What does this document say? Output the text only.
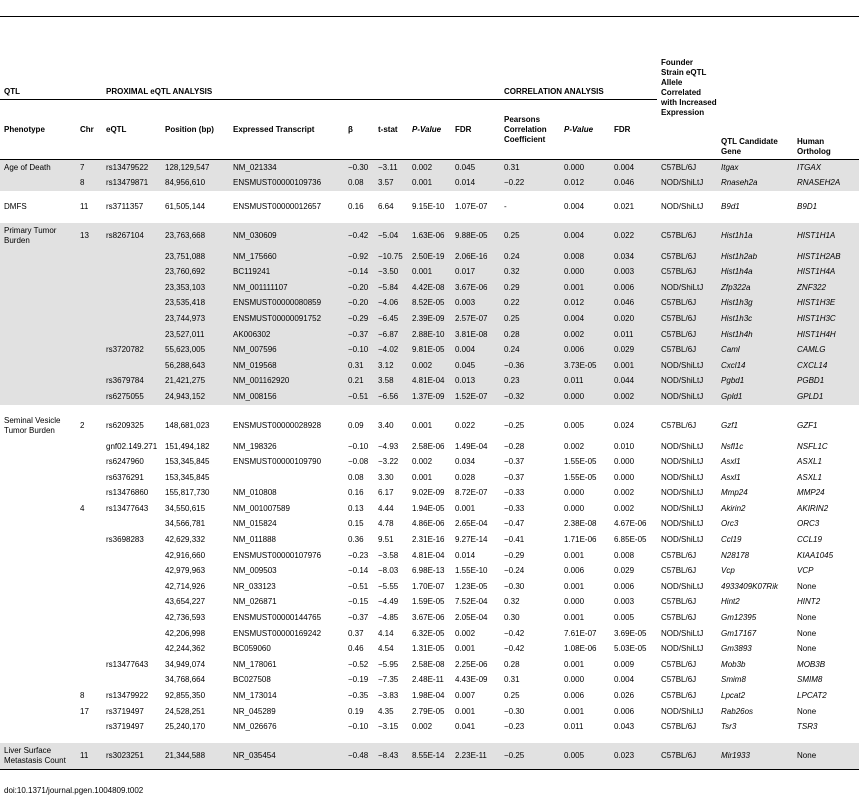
QTL		PROXIMAL eQTL ANALYSIS							CORRELATION ANALYSIS			Founder Strain eQTL Allele Correlated with Increased Expression	QTL Candidate Gene	Human Ortholog
Phenotype	Chr	eQTL	Position (bp)	Expressed Transcript	β	t-stat	P-Value	FDR	Pearsons Correlation Coefficient	P-Value	FDR			
Age of Death	7	rs13479522	128,129,547	NM_021334	−0.30	−3.11	0.002	0.045	0.31	0.000	0.004	C57BL/6J	Itgax	ITGAX
	8	rs13479871	84,956,610	ENSMUST00000109736	0.08	3.57	0.001	0.014	−0.22	0.012	0.046	NOD/ShiLtJ	Rnaseh2a	RNASEH2A
DMFS	11	rs3711357	61,505,144	ENSMUST00000012657	0.16	6.64	9.15E-10	1.07E-07	-	0.004	0.021	NOD/ShiLtJ	B9d1	B9D1
Primary Tumor Burden	13	rs8267104	23,763,668	NM_030609	−0.42	−5.04	1.63E-06	9.88E-05	0.25	0.004	0.022	C57BL/6J	Hist1h1a	HIST1H1A
			23,751,088	NM_175660	−0.92	−10.75	2.50E-19	2.06E-16	0.24	0.008	0.034	C57BL/6J	Hist1h2ab	HIST1H2AB
			23,760,692	BC119241	−0.14	−3.50	0.001	0.017	0.32	0.000	0.003	C57BL/6J	Hist1h4a	HIST1H4A
			23,353,103	NM_001111107	−0.20	−5.84	4.42E-08	3.67E-06	0.29	0.001	0.006	NOD/ShiLtJ	Zfp322a	ZNF322
			23,535,418	ENSMUST00000080859	−0.20	−4.06	8.52E-05	0.003	0.22	0.012	0.046	C57BL/6J	Hist1h3g	HIST1H3E
			23,744,973	ENSMUST00000091752	−0.29	−6.45	2.39E-09	2.57E-07	0.25	0.004	0.020	C57BL/6J	Hist1h3c	HIST1H3C
			23,527,011	AK006302	−0.37	−6.87	2.88E-10	3.81E-08	0.28	0.002	0.011	C57BL/6J	Hist1h4h	HIST1H4H
		rs3720782	55,623,005	NM_007596	−0.10	−4.02	9.81E-05	0.004	0.24	0.006	0.029	C57BL/6J	Caml	CAMLG
			56,288,643	NM_019568	0.31	3.12	0.002	0.045	−0.36	3.73E-05	0.001	NOD/ShiLtJ	Cxcl14	CXCL14
		rs3679784	21,421,275	NM_001162920	0.21	3.58	4.81E-04	0.013	0.23	0.011	0.044	NOD/ShiLtJ	Pgbd1	PGBD1
		rs6275055	24,943,152	NM_008156	−0.51	−6.56	1.37E-09	1.52E-07	−0.32	0.000	0.002	NOD/ShiLtJ	Gpld1	GPLD1
Seminal Vesicle Tumor Burden	2	rs6209325	148,681,023	ENSMUST00000028928	0.09	3.40	0.001	0.022	−0.25	0.005	0.024	C57BL/6J	Gzf1	GZF1
		gnf02.149.271	151,494,182	NM_198326	−0.10	−4.93	2.58E-06	1.49E-04	−0.28	0.002	0.010	NOD/ShiLtJ	Nsfl1c	NSFL1C
		rs6247960	153,345,845	ENSMUST00000109790	−0.08	−3.22	0.002	0.034	−0.37	1.55E-05	0.000	NOD/ShiLtJ	Asxl1	ASXL1
		rs6376291	153,345,845		0.08	3.30	0.001	0.028	−0.37	1.55E-05	0.000	NOD/ShiLtJ	Asxl1	ASXL1
		rs13476860	155,817,730	NM_010808	0.16	6.17	9.02E-09	8.72E-07	−0.33	0.000	0.002	NOD/ShiLtJ	Mmp24	MMP24
	4	rs13477643	34,550,615	NM_001007589	0.13	4.44	1.94E-05	0.001	−0.33	0.000	0.002	NOD/ShiLtJ	Akirin2	AKIRIN2
			34,566,781	NM_015824	0.15	4.78	4.86E-06	2.65E-04	−0.47	2.38E-08	4.67E-06	NOD/ShiLtJ	Orc3	ORC3
		rs3698283	42,629,332	NM_011888	0.36	9.51	2.31E-16	9.27E-14	−0.41	1.71E-06	6.85E-05	NOD/ShiLtJ	Ccl19	CCL19
			42,916,660	ENSMUST00000107976	−0.23	−3.58	4.81E-04	0.014	−0.29	0.001	0.008	C57BL/6J	N28178	KIAA1045
			42,979,963	NM_009503	−0.14	−8.03	6.98E-13	1.55E-10	−0.24	0.006	0.029	C57BL/6J	Vcp	VCP
			42,714,926	NR_033123	−0.51	−5.55	1.70E-07	1.23E-05	−0.30	0.001	0.006	NOD/ShiLtJ	4933409K07Rik	None
			43,654,227	NM_026871	−0.15	−4.49	1.59E-05	7.52E-04	0.32	0.000	0.003	C57BL/6J	Hint2	HINT2
			42,736,593	ENSMUST00000144765	−0.37	−4.85	3.67E-06	2.05E-04	0.30	0.001	0.005	C57BL/6J	Gm12395	None
			42,206,998	ENSMUST00000169242	0.37	4.14	6.32E-05	0.002	−0.42	7.61E-07	3.69E-05	NOD/ShiLtJ	Gm17167	None
			42,244,362	BC059060	0.46	4.54	1.31E-05	0.001	−0.42	1.08E-06	5.03E-05	NOD/ShiLtJ	Gm3893	None
		rs13477643	34,949,074	NM_178061	−0.52	−5.95	2.58E-08	2.25E-06	0.28	0.001	0.009	C57BL/6J	Mob3b	MOB3B
			34,768,664	BC027508	−0.19	−7.35	2.48E-11	4.43E-09	0.31	0.000	0.004	C57BL/6J	Smim8	SMIM8
	8	rs13479922	92,855,350	NM_173014	−0.35	−3.83	1.98E-04	0.007	0.25	0.006	0.026	C57BL/6J	Lpcat2	LPCAT2
	17	rs3719497	24,528,251	NR_045289	0.19	4.35	2.79E-05	0.001	−0.30	0.001	0.006	NOD/ShiLtJ	Rab26os	None
		rs3719497	25,240,170	NM_026676	−0.10	−3.15	0.002	0.041	−0.23	0.011	0.043	C57BL/6J	Tsr3	TSR3
Liver Surface Metastasis Count	11	rs3023251	21,344,588	NR_035454	−0.48	−8.43	8.55E-14	2.23E-11	−0.25	0.005	0.023	C57BL/6J	Mir1933	None
doi:10.1371/journal.pgen.1004809.t002
